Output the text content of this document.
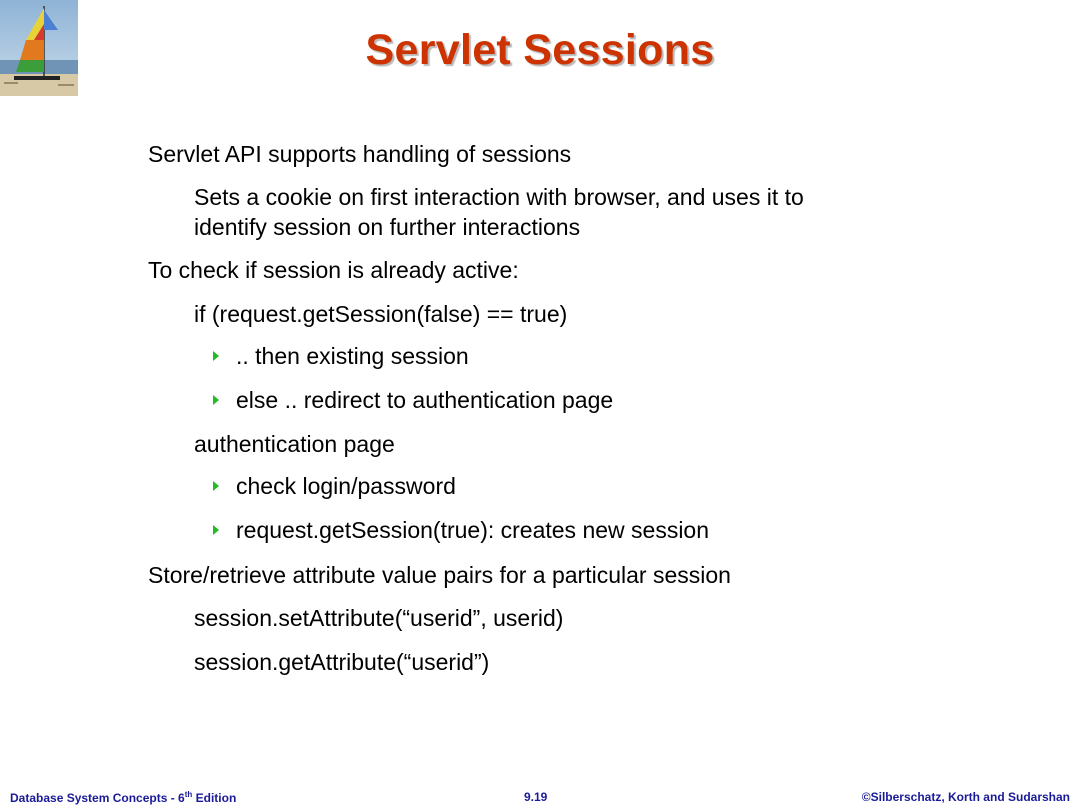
Servlet Sessions
Servlet API supports handling of sessions
Sets a cookie on first interaction with browser, and uses it to
identify session on further interactions
To check if session is already active:
if (request.getSession(false) == true)
.. then existing session
else .. redirect to authentication page
authentication page
check login/password
request.getSession(true): creates new session
Store/retrieve attribute value pairs for a particular session
session.setAttribute(“userid”, userid)
session.getAttribute(“userid”)
Database System Concepts - 6th Edition	9.19	©Silberschatz, Korth and Sudarshan
